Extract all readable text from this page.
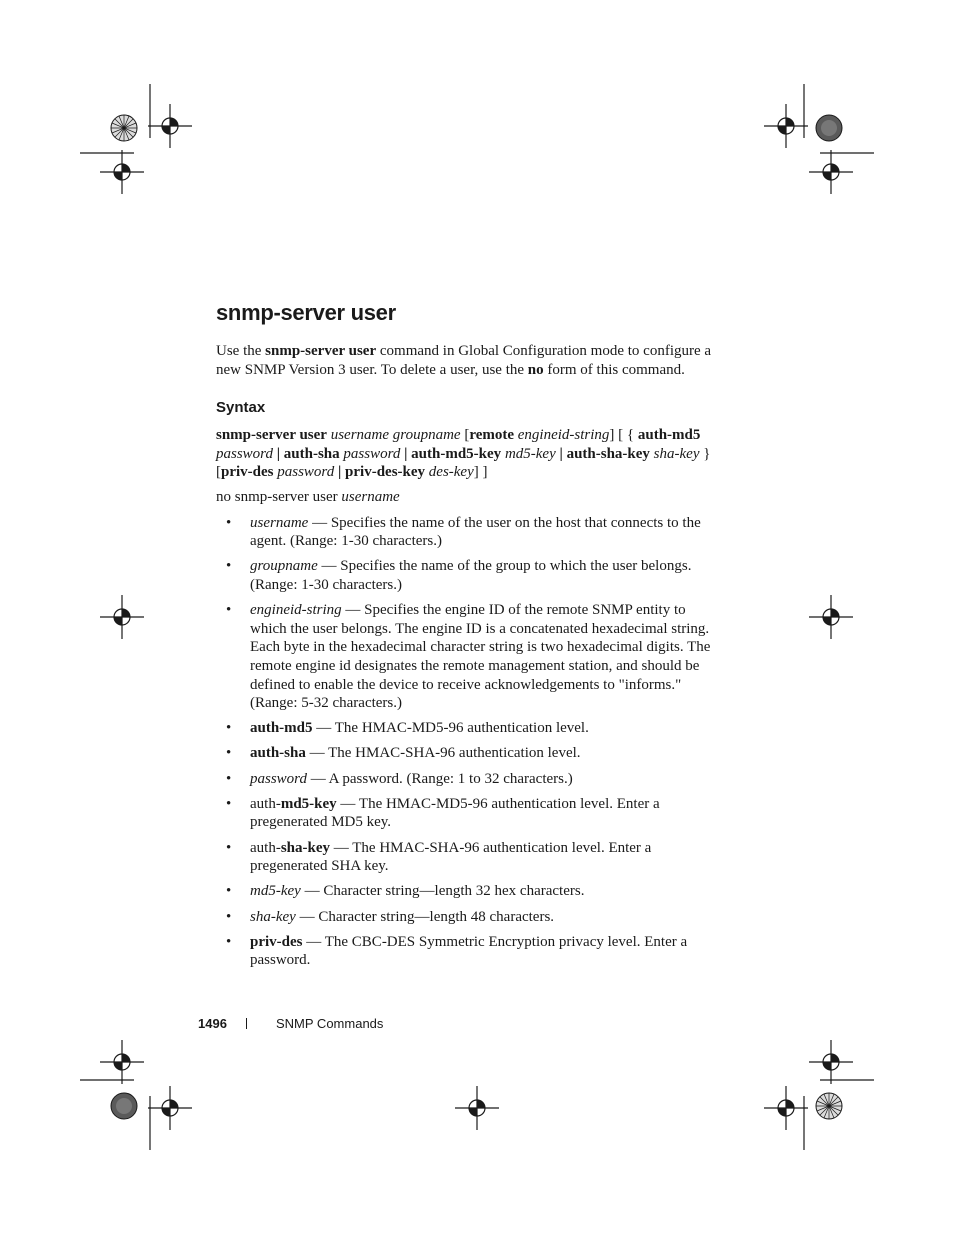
snmp-server user

Use the snmp-server user command in Global Configuration mode to configure a new SNMP Version 3 user. To delete a user, use the no form of this command.

Syntax

snmp-server user username groupname [remote engineid-string] [ { auth-md5 password | auth-sha password | auth-md5-key md5-key | auth-sha-key sha-key } [priv-des password | priv-des-key des-key] ]

no snmp-server user username

• username — Specifies the name of the user on the host that connects to the agent. (Range: 1-30 characters.)
• groupname — Specifies the name of the group to which the user belongs. (Range: 1-30 characters.)
• engineid-string — Specifies the engine ID of the remote SNMP entity to which the user belongs. The engine ID is a concatenated hexadecimal string. Each byte in the hexadecimal character string is two hexadecimal digits. The remote engine id designates the remote management station, and should be defined to enable the device to receive acknowledgements to "informs." (Range: 5-32 characters.)
• auth-md5 — The HMAC-MD5-96 authentication level.
• auth-sha — The HMAC-SHA-96 authentication level.
• password — A password. (Range: 1 to 32 characters.)
• auth-md5-key — The HMAC-MD5-96 authentication level. Enter a pregenerated MD5 key.
• auth-sha-key — The HMAC-SHA-96 authentication level. Enter a pregenerated SHA key.
• md5-key — Character string—length 32 hex characters.
• sha-key — Character string—length 48 characters.
• priv-des — The CBC-DES Symmetric Encryption privacy level. Enter a password.
1496	SNMP Commands
